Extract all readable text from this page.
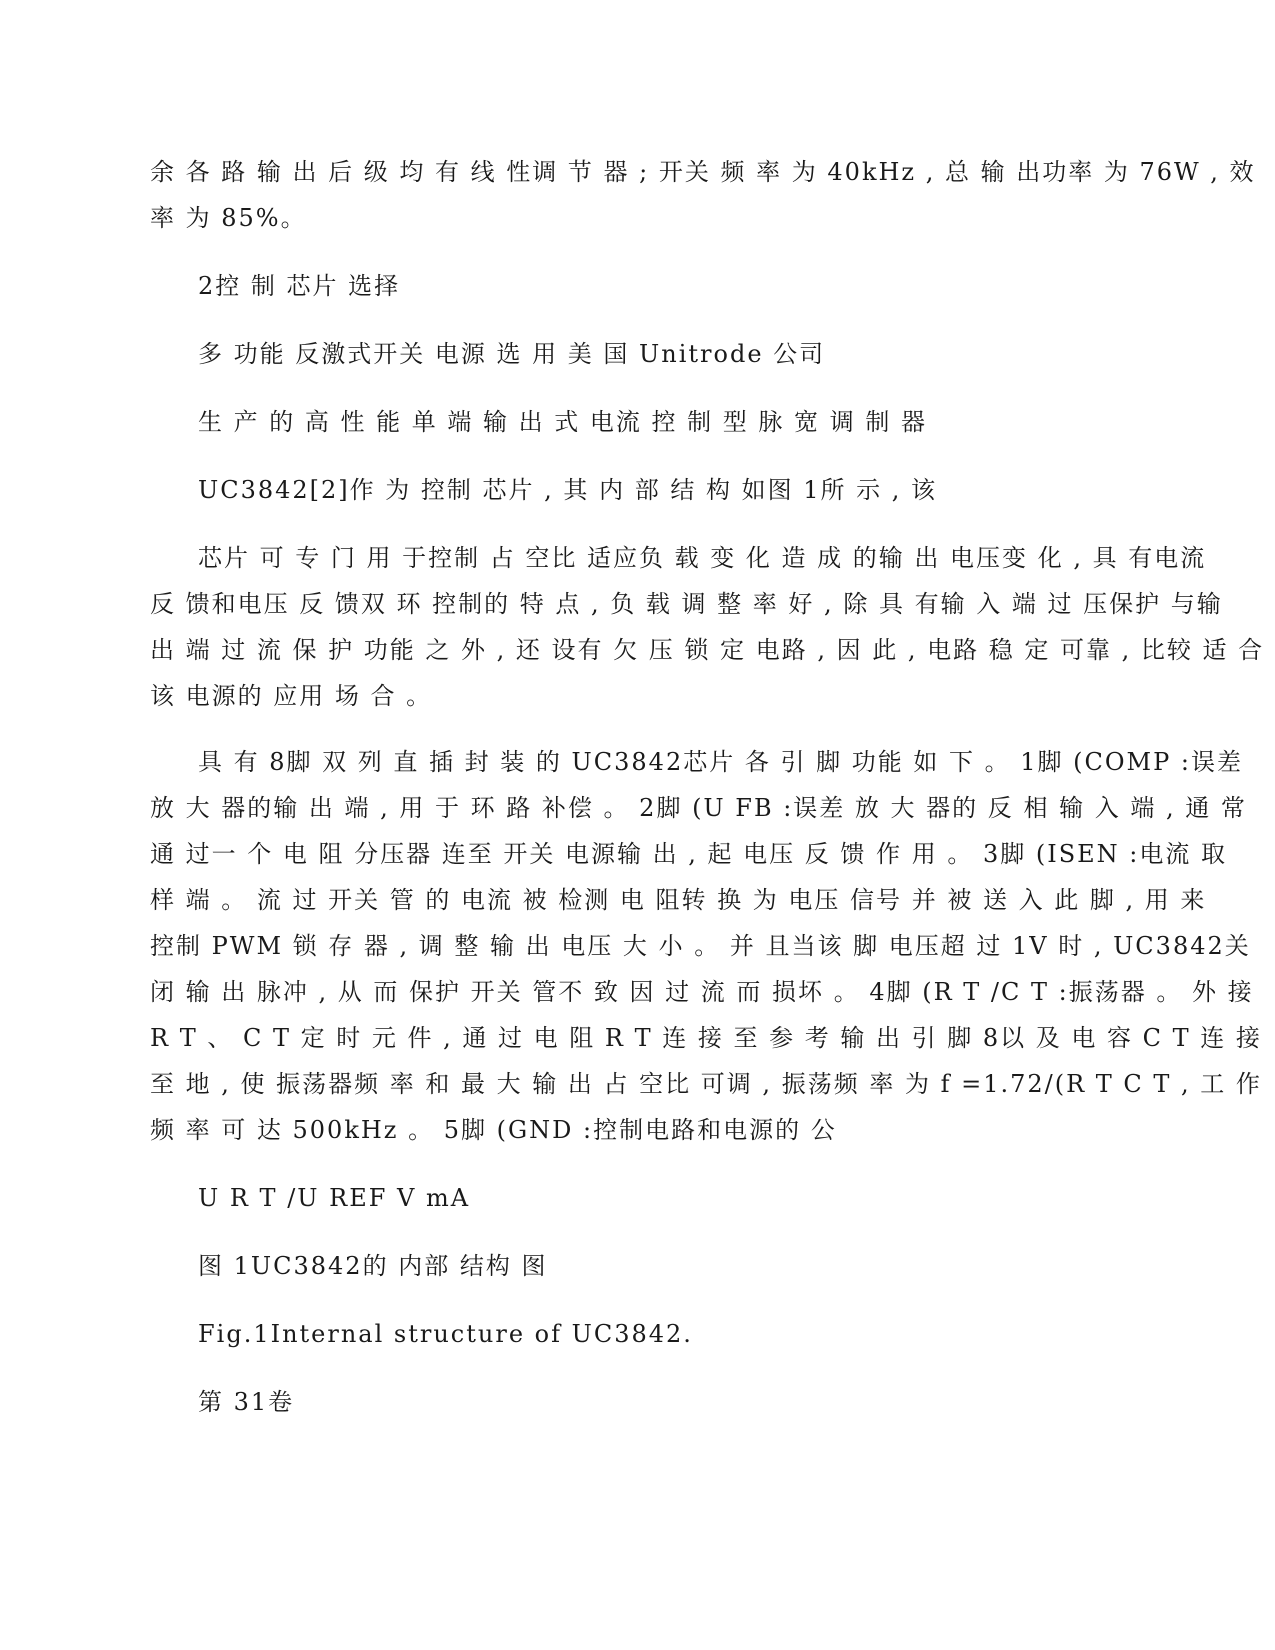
余 各 路 输 出 后 级 均 有 线 性调 节 器 ; 开关 频 率 为 40kHz , 总 输 出功率 为 76W , 效
率 为 85%。
2控 制 芯片 选择
多 功能 反激式开关 电源 选 用 美 国 Unitrode 公司
生 产 的 高 性 能 单 端 输 出 式 电流 控 制 型 脉 宽 调 制 器
UC3842[2]作 为 控制 芯片 , 其 内 部 结 构 如图 1所 示 , 该
芯片 可 专 门 用 于控制 占 空比 适应负 载 变 化 造 成 的输 出 电压变 化 , 具 有电流
反 馈和电压 反 馈双 环 控制的 特 点 , 负 载 调 整 率 好 , 除 具 有输 入 端 过 压保护 与输
出 端 过 流 保 护 功能 之 外 , 还 设有 欠 压 锁 定 电路 , 因 此 , 电路 稳 定 可靠 , 比较 适 合
该 电源的 应用 场 合 。
具 有 8脚 双 列 直 插 封 装 的 UC3842芯片 各 引 脚 功能 如 下 。 1脚 (COMP :误差
放 大 器的输 出 端 , 用 于 环 路 补偿 。 2脚 (U FB :误差 放 大 器的 反 相 输 入 端 , 通 常
通 过一 个 电 阻 分压器 连至 开关 电源输 出 , 起 电压 反 馈 作 用 。 3脚 (ISEN :电流 取
样 端 。 流 过 开关 管 的 电流 被 检测 电 阻转 换 为 电压 信号 并 被 送 入 此 脚 , 用 来
控制 PWM 锁 存 器 , 调 整 输 出 电压 大 小 。 并 且当该 脚 电压超 过 1V 时 , UC3842关
闭 输 出 脉冲 , 从 而 保护 开关 管不 致 因 过 流 而 损坏 。 4脚 (R T /C T :振荡器 。 外 接
R T 、 C T 定 时 元 件 , 通 过 电 阻 R T 连 接 至 参 考 输 出 引 脚 8以 及 电 容 C T 连 接
至 地 , 使 振荡器频 率 和 最 大 输 出 占 空比 可调 , 振荡频 率 为 f =1.72/(R T C T , 工 作
频 率 可 达 500kHz 。 5脚 (GND :控制电路和电源的 公
U R T /U REF V mA
图 1UC3842的 内部 结构 图
Fig.1Internal structure of UC3842.
第 31卷
